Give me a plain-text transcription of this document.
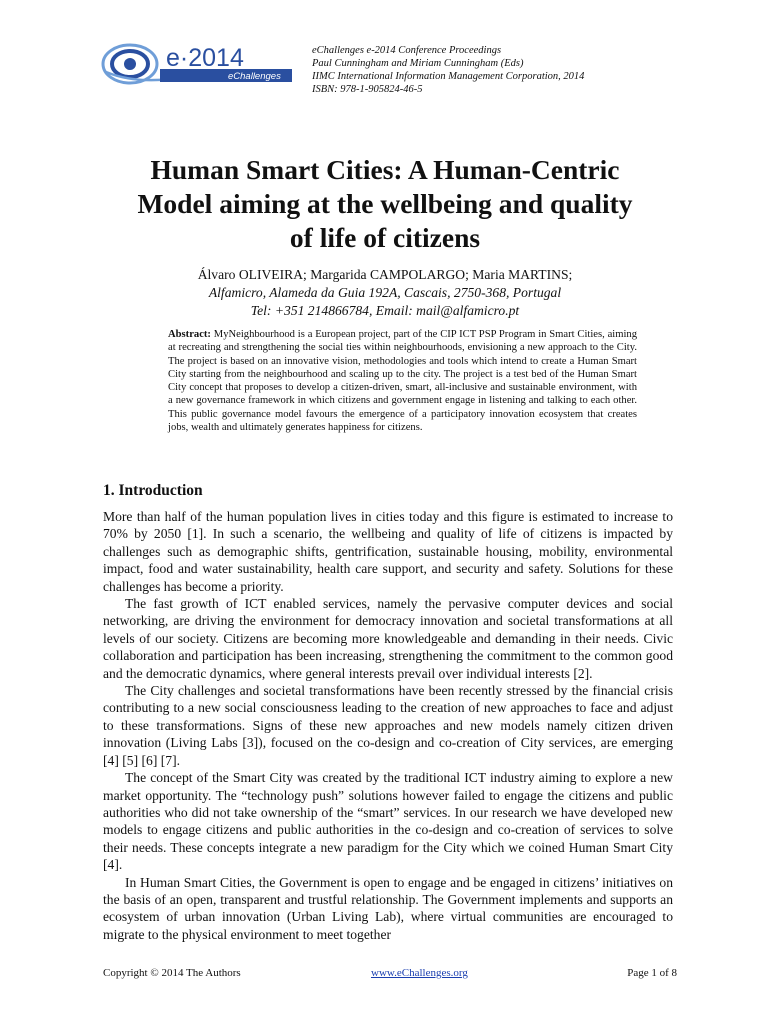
e·2014
eChallenges
eChallenges e-2014 Conference Proceedings
Paul Cunningham and Miriam Cunningham (Eds)
IIMC International Information Management Corporation, 2014
ISBN: 978-1-905824-46-5
Human Smart Cities: A Human-Centric
Model aiming at the wellbeing and quality
of life of citizens
Álvaro OLIVEIRA; Margarida CAMPOLARGO; Maria MARTINS;
Alfamicro, Alameda da Guia 192A, Cascais, 2750-368, Portugal
Tel: +351 214866784, Email: mail@alfamicro.pt

Abstract: MyNeighbourhood is a European project, part of the CIP ICT PSP Program in Smart Cities, aiming at recreating and strengthening the social ties within neighbourhoods, envisioning a new approach to the City. The project is based on an innovative vision, methodologies and tools which intend to create a Human Smart City starting from the neighbourhood and scaling up to the city. The project is a test bed of the Human Smart City concept that proposes to develop a citizen-driven, smart, all-inclusive and sustainable environment, with a new governance framework in which citizens and government engage in listening and talking to each other. This public governance model favours the emergence of a participatory innovation ecosystem that creates jobs, wealth and ultimately generates happiness for citizens.

1. Introduction

More than half of the human population lives in cities today and this figure is estimated to increase to 70% by 2050 [1]. In such a scenario, the wellbeing and quality of life of citizens is impacted by challenges such as demographic shifts, gentrification, sustainable housing, mobility, environmental impact, food and water sustainability, health care support, and security and safety. Solutions for these challenges has become a priority.

The fast growth of ICT enabled services, namely the pervasive computer devices and social networking, are driving the environment for democracy innovation and societal transformations at all levels of our society. Citizens are becoming more knowledgeable and demanding in their needs. Civic collaboration and participation has been increasing, strengthening the commitment to the common good and the democratic dynamics, where general interests prevail over individual interests [2].

The City challenges and societal transformations have been recently stressed by the financial crisis contributing to a new social consciousness leading to the creation of new approaches to face and adjust to these transformations. Signs of these new approaches and new models namely citizen driven innovation (Living Labs [3]), focused on the co-design and co-creation of City services, are emerging [4] [5] [6] [7].

The concept of the Smart City was created by the traditional ICT industry aiming to explore a new market opportunity. The “technology push” solutions however failed to engage the citizens and public authorities who did not take ownership of the “smart” services. In our research we have developed new models to engage citizens and public authorities in the co-design and co-creation of services to solve their needs. These concepts integrate a new paradigm for the City which we coined Human Smart City [4].

In Human Smart Cities, the Government is open to engage and be engaged in citizens’ initiatives on the basis of an open, transparent and trustful relationship. The Government implements and supports an ecosystem of urban innovation (Urban Living Lab), where virtual communities are encouraged to migrate to the physical environment to meet together

Copyright © 2014 The Authors	www.eChallenges.org	Page 1 of 8
